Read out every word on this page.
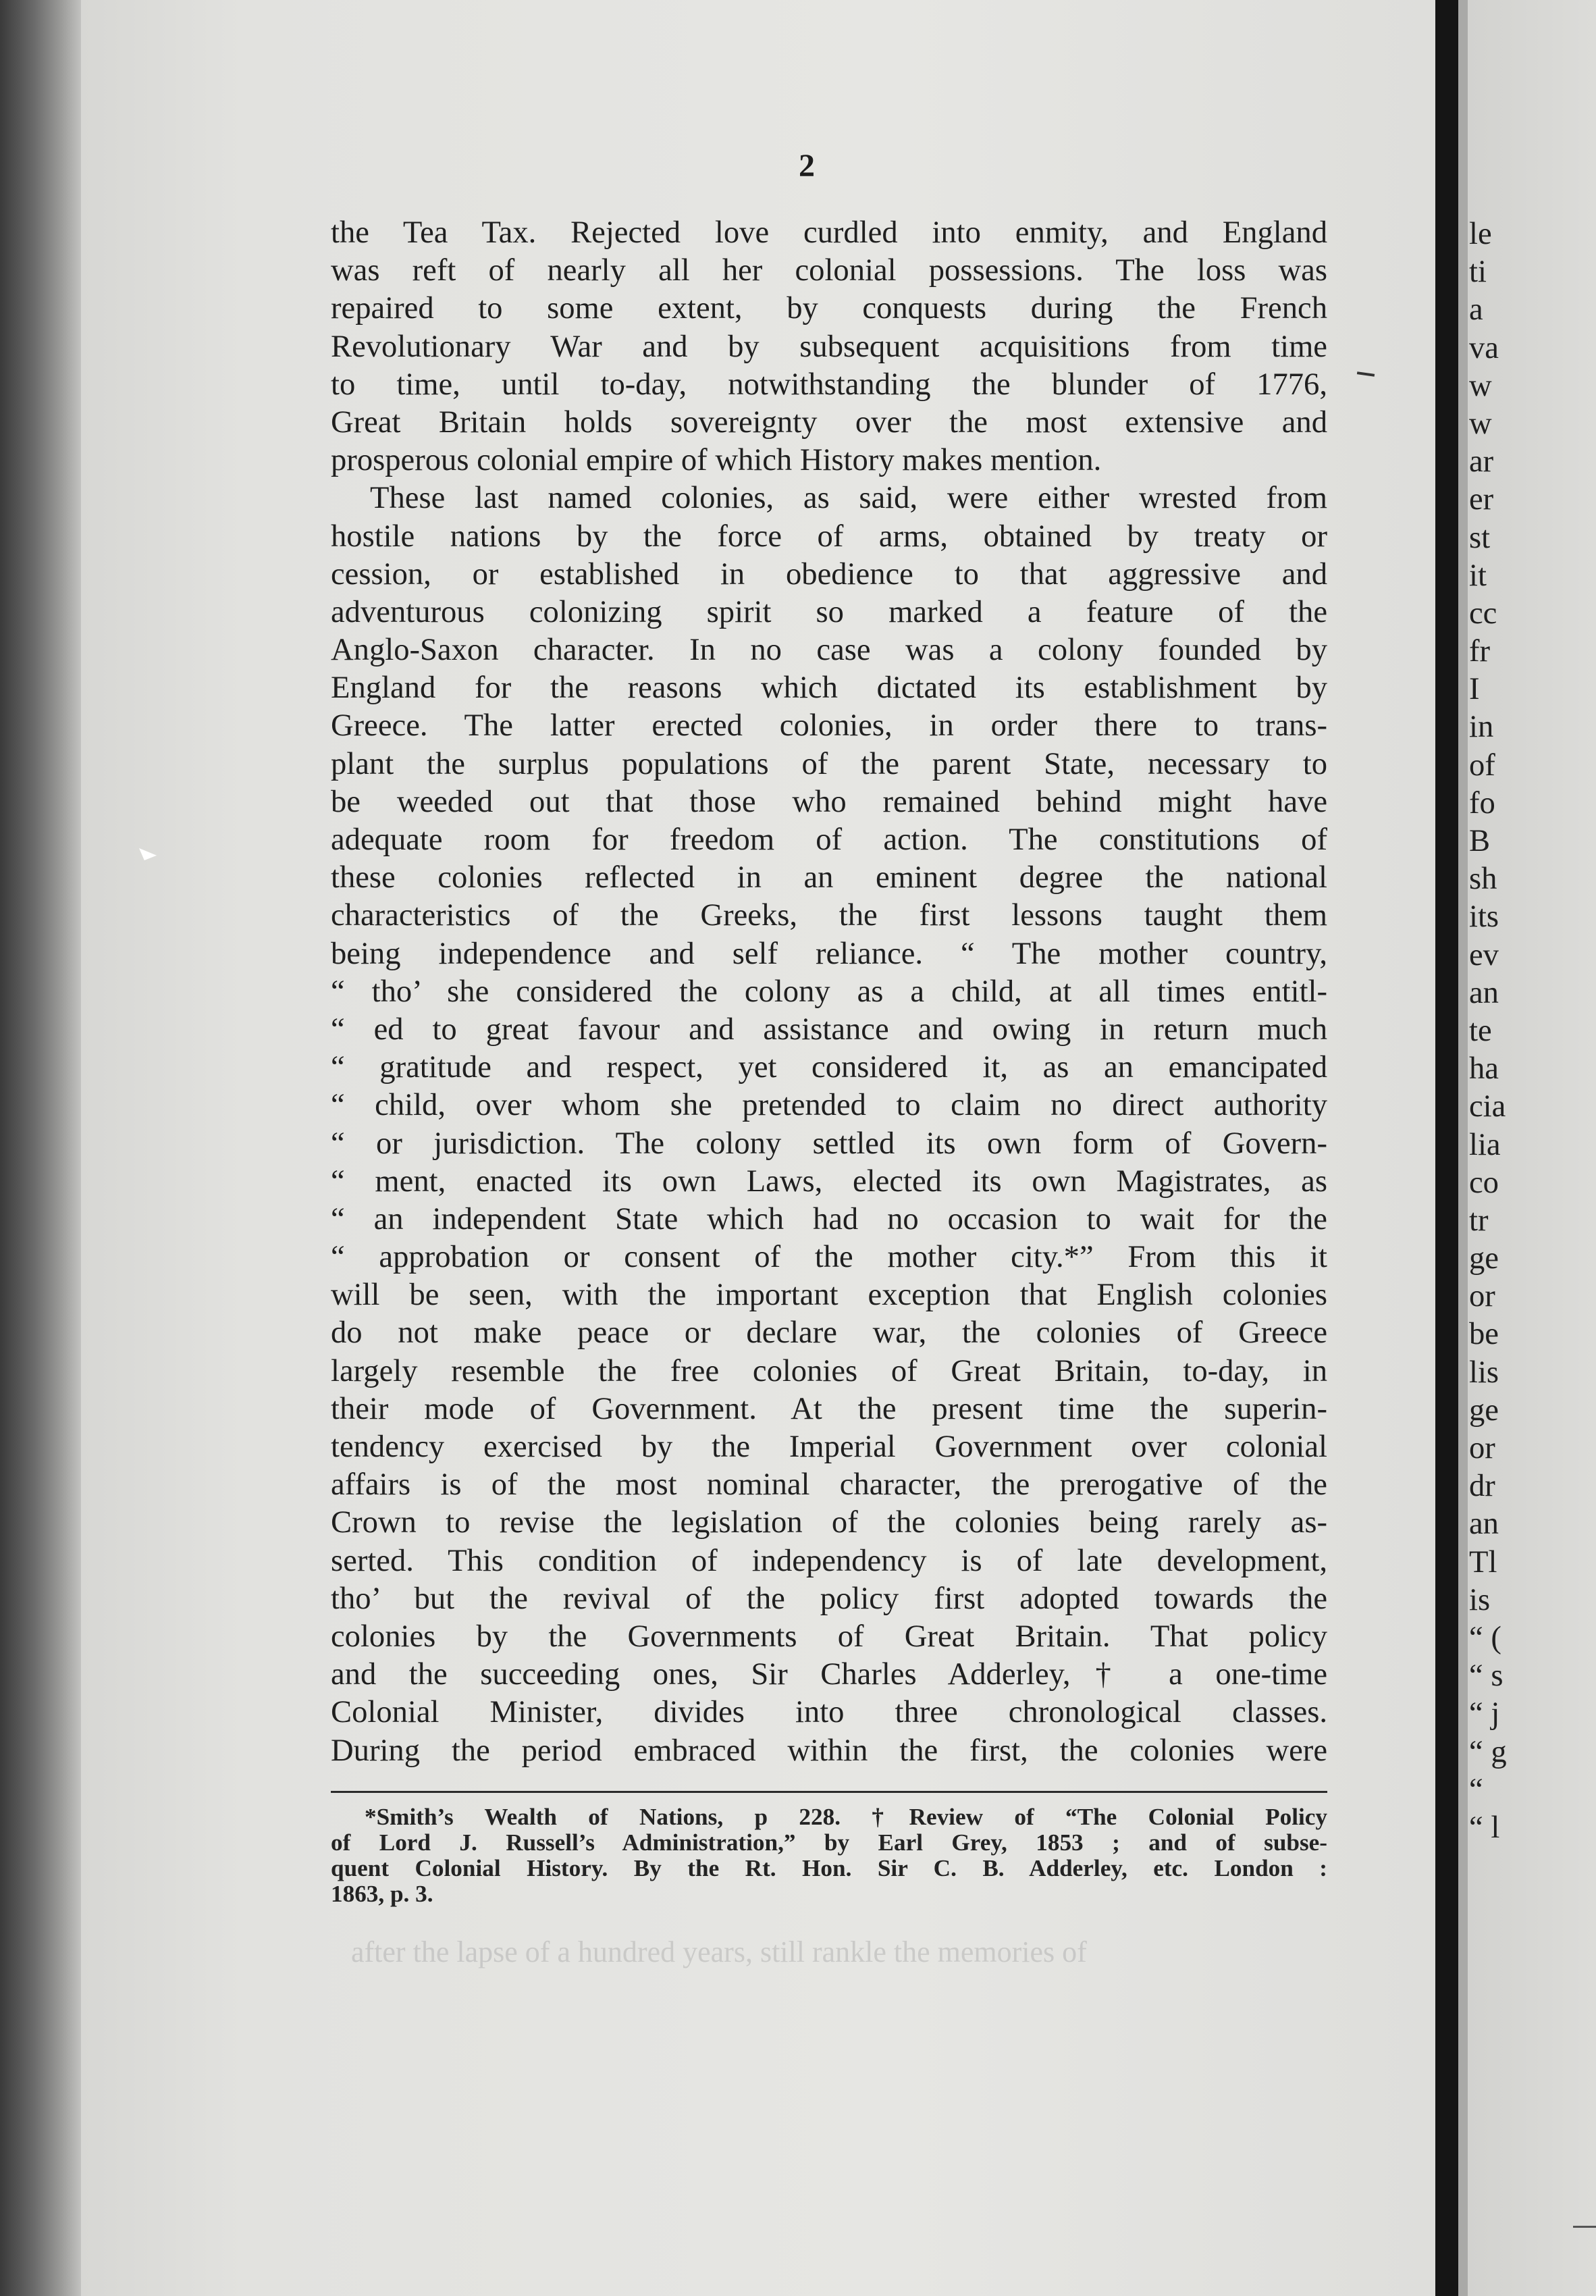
2
the Tea Tax. Rejected love curdled into enmity, and England
was reft of nearly all her colonial possessions. The loss was
repaired to some extent, by conquests during the French
Revolutionary War and by subsequent acquisitions from time
to time, until to-day, notwithstanding the blunder of 1776,
Great Britain holds sovereignty over the most extensive and
prosperous colonial empire of which History makes mention.
These last named colonies, as said, were either wrested from
hostile nations by the force of arms, obtained by treaty or
cession, or established in obedience to that aggressive and
adventurous colonizing spirit so marked a feature of the
Anglo-Saxon character. In no case was a colony founded by
England for the reasons which dictated its establishment by
Greece. The latter erected colonies, in order there to trans-
plant the surplus populations of the parent State, necessary to
be weeded out that those who remained behind might have
adequate room for freedom of action. The constitutions of
these colonies reflected in an eminent degree the national
characteristics of the Greeks, the first lessons taught them
being independence and self reliance. “ The mother country,
“ tho’ she considered the colony as a child, at all times entitl-
“ ed to great favour and assistance and owing in return much
“ gratitude and respect, yet considered it, as an emancipated
“ child, over whom she pretended to claim no direct authority
“ or jurisdiction. The colony settled its own form of Govern-
“ ment, enacted its own Laws, elected its own Magistrates, as
“ an independent State which had no occasion to wait for the
“ approbation or consent of the mother city.*” From this it
will be seen, with the important exception that English colonies
do not make peace or declare war, the colonies of Greece
largely resemble the free colonies of Great Britain, to-day, in
their mode of Government. At the present time the superin-
tendency exercised by the Imperial Government over colonial
affairs is of the most nominal character, the prerogative of the
Crown to revise the legislation of the colonies being rarely as-
serted. This condition of independency is of late development,
tho’ but the revival of the policy first adopted towards the
colonies by the Governments of Great Britain. That policy
and the succeeding ones, Sir Charles Adderley,† a one-time
Colonial Minister, divides into three chronological classes.
During the period embraced within the first, the colonies were
*Smith’s Wealth of Nations, p 228. †Review of “The Colonial Policy
of Lord J. Russell’s Administration,” by Earl Grey, 1853 ; and of subse-
quent Colonial History. By the Rt. Hon. Sir C. B. Adderley, etc. London :
1863, p. 3.
after the lapse of a hundred years, still rankle the memories of
le
ti
a
va
w
w
ar
er
st
it
cc
fr
I
in
of
fo
B
sh
its
ev
an
te
ha
cia
lia
co
tr
ge
or
be
lis
ge
or
dr
an
Tl
is
“ (
“ s
“ j
“ g
“
“ l
